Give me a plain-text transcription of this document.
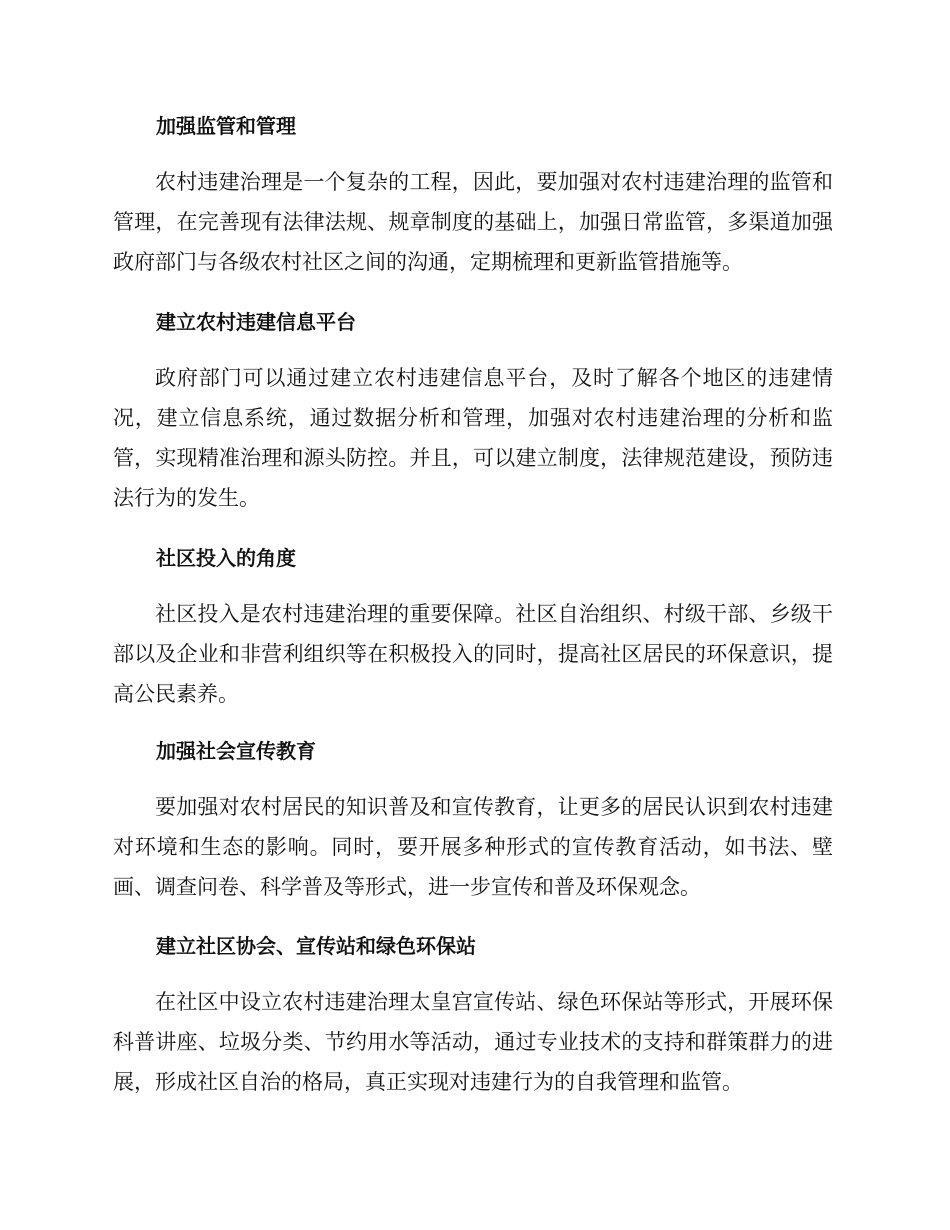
加强监管和管理

农村违建治理是一个复杂的工程，因此，要加强对农村违建治理的监管和管理，在完善现有法律法规、规章制度的基础上，加强日常监管，多渠道加强政府部门与各级农村社区之间的沟通，定期梳理和更新监管措施等。

建立农村违建信息平台

政府部门可以通过建立农村违建信息平台，及时了解各个地区的违建情况，建立信息系统，通过数据分析和管理，加强对农村违建治理的分析和监管，实现精准治理和源头防控。并且，可以建立制度，法律规范建设，预防违法行为的发生。

社区投入的角度

社区投入是农村违建治理的重要保障。社区自治组织、村级干部、乡级干部以及企业和非营利组织等在积极投入的同时，提高社区居民的环保意识，提高公民素养。

加强社会宣传教育

要加强对农村居民的知识普及和宣传教育，让更多的居民认识到农村违建对环境和生态的影响。同时，要开展多种形式的宣传教育活动，如书法、壁画、调查问卷、科学普及等形式，进一步宣传和普及环保观念。

建立社区协会、宣传站和绿色环保站

在社区中设立农村违建治理太皇宫宣传站、绿色环保站等形式，开展环保科普讲座、垃圾分类、节约用水等活动，通过专业技术的支持和群策群力的进展，形成社区自治的格局，真正实现对违建行为的自我管理和监管。
